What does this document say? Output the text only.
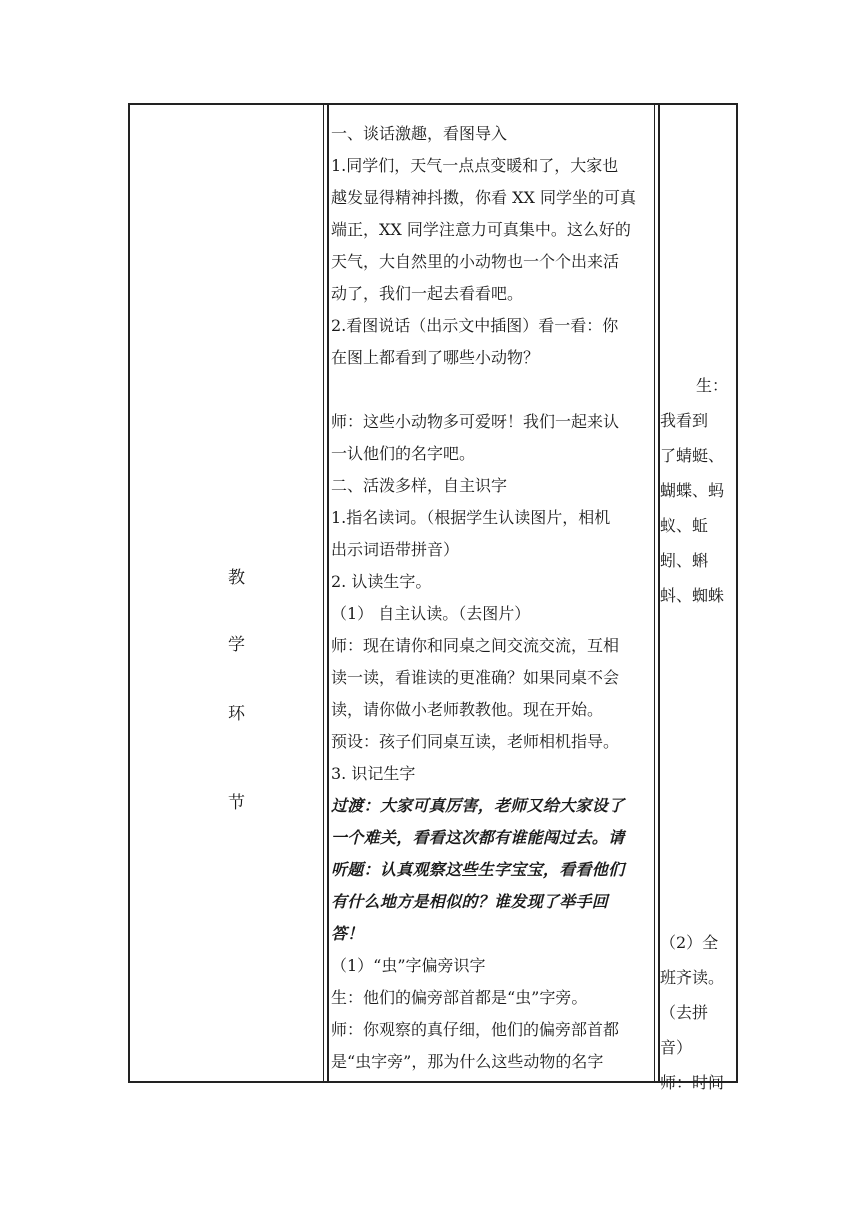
教
学
环
节

一、谈话激趣，看图导入

1.同学们，天气一点点变暖和了，大家也

越发显得精神抖擞，你看 XX 同学坐的可真

端正，XX 同学注意力可真集中。这么好的

天气，大自然里的小动物也一个个出来活

动了，我们一起去看看吧。

2.看图说话（出示文中插图）看一看：你

在图上都看到了哪些小动物？

师：这些小动物多可爱呀！我们一起来认

一认他们的名字吧。

二、活泼多样，自主识字

1.指名读词。（根据学生认读图片，相机

出示词语带拼音）

2. 认读生字。

（1） 自主认读。（去图片）

师：现在请你和同桌之间交流交流，互相

读一读，看谁读的更准确？如果同桌不会

读，请你做小老师教教他。现在开始。

预设：孩子们同桌互读，老师相机指导。

3. 识记生字

过渡：大家可真厉害，老师又给大家设了

一个难关，看看这次都有谁能闯过去。请

听题：认真观察这些生字宝宝，看看他们

有什么地方是相似的？谁发现了举手回

答！

（1）“虫”字偏旁识字

生：他们的偏旁部首都是“虫”字旁。

师：你观察的真仔细，他们的偏旁部首都

是“虫字旁”，那为什么这些动物的名字

生：

我看到

了蜻蜓、

蝴蝶、蚂

蚁、蚯

蚓、蝌

蚪、蜘蛛

（2）全

班齐读。

（去拼

音）

师：时间
